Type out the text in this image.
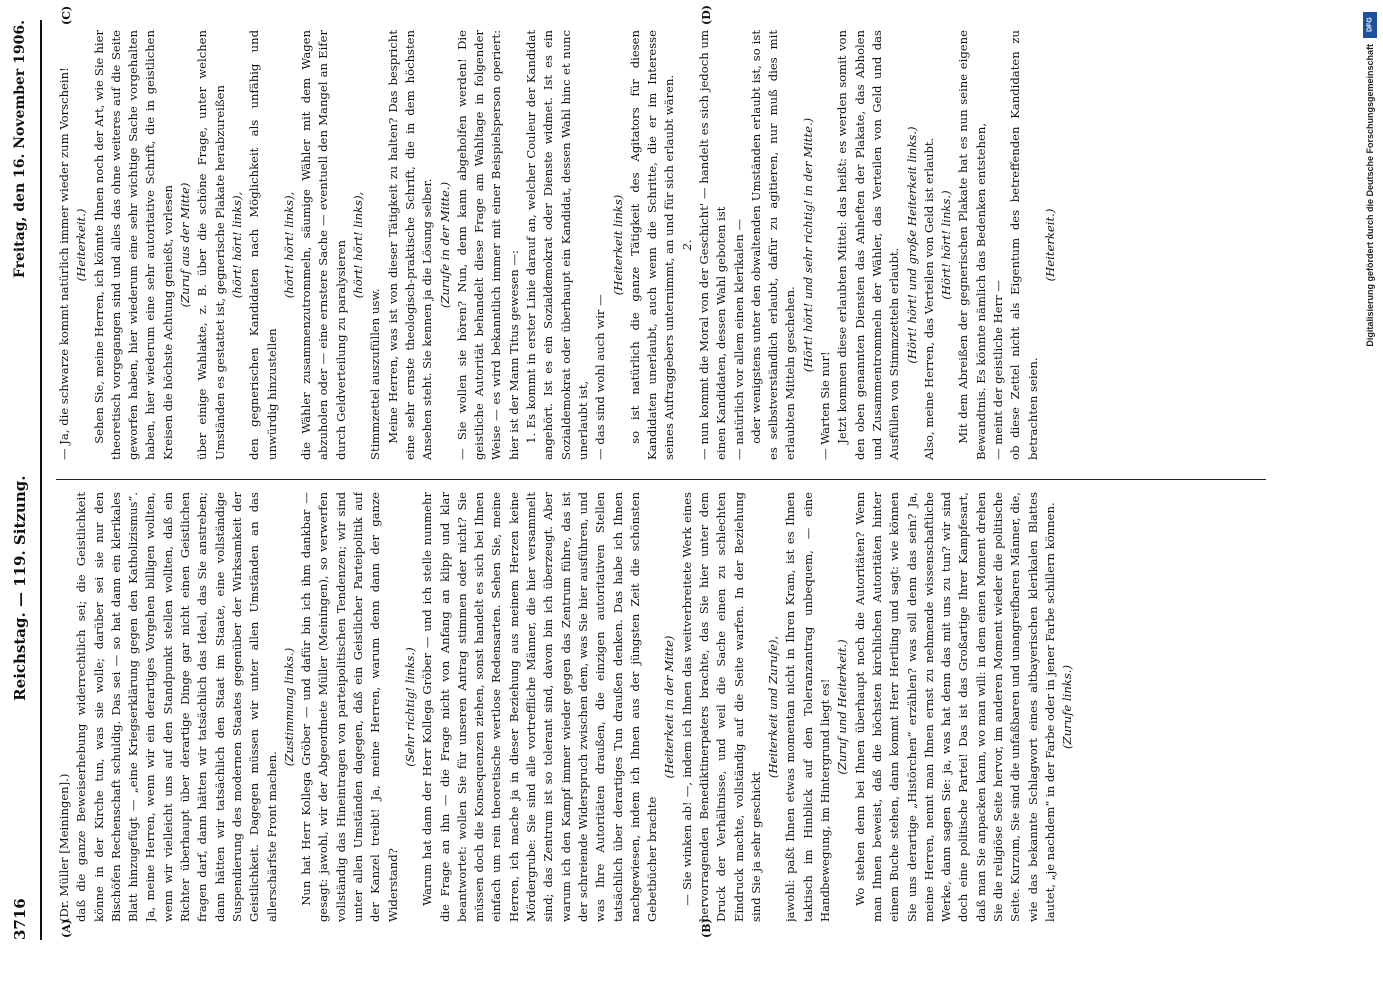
3716
Reichstag. — 119. Sitzung.
Freitag, den 16. November 1906.
(A)	(B)
(C)	(D)

(Dr. Müller [Meiningen].) daß die ganze Beweiserhebung widerrechtlich sei; die Geistlichkeit könne in der Kirche tun, was sie wolle; darüber sei sie nur den Bischöfen Rechenschaft schuldig. Das sei — so hat dann ein klerikales Blatt hinzugefügt — „eine Kriegserklärung gegen den Katholizismus“. Ja, meine Herren, wenn wir ein derartiges Vorgehen billigen wollten, wenn wir vielleicht uns auf den Standpunkt stellen wollten, daß ein Richter überhaupt über derartige Dinge gar nicht einen Geistlichen fragen darf, dann hätten wir tatsächlich das Ideal, das Sie anstreben; dann hätten wir tatsächlich den Staat im Staate, eine vollständige Suspendierung des modernen Staates gegenüber der Wirksamkeit der Geistlichkeit. Dagegen müssen wir unter allen Umständen an das allerschärfste Front machen.

(Zustimmung links.) Nun hat Herr Kollega Gröber — und dafür bin ich ihm dankbar — gesagt: jawohl, wir der Abgeordnete Müller (Meiningen), so verwerfen vollständig das Hineintragen von parteipolitischen Tendenzen; wir sind unter allen Umständen dagegen, daß ein Geistlicher Parteipolitik auf der Kanzel treibt! Ja, meine Herren, warum denn dann der ganze Widerstand?

(Sehr richtig! links.) Warum hat dann der Herr Kollega Gröber — und ich stelle nunmehr die Frage an ihn — die Frage nicht von Anfang an klipp und klar beantwortet: wollen Sie für unseren Antrag stimmen oder nicht? Sie müssen doch die Konsequenzen ziehen, sonst handelt es sich bei Ihnen einfach um rein theoretische wertlose Redensarten. Sehen Sie, meine Herren, ich mache ja in dieser Beziehung aus meinem Herzen keine Mördergrube: Sie sind alle vortreffliche Männer, die hier versammelt sind; das Zentrum ist so tolerant sind, davon bin ich überzeugt. Aber warum ich den Kampf immer wieder gegen das Zentrum führe, das ist der schreiende Widerspruch zwischen dem, was Sie hier ausführen, und was Ihre Autoritäten draußen, die einzigen autoritativen Stellen tatsächlich über derartiges Tun draußen denken. Das habe ich Ihnen nachgewiesen, indem ich Ihnen aus der jüngsten Zeit die schönsten Gebetbücher brachte

(Heiterkeit in der Mitte) — Sie winken ab! —, indem ich Ihnen das weitverbreitete Werk eines hervorragenden Benediktinerpaters brachte, das Sie hier unter dem Druck der Verhältnisse, und weil die Sache einen zu schlechten Eindruck machte, vollständig auf die Seite warfen. In der Beziehung sind Sie ja sehr geschickt

(Heiterkeit und Zurufe), jawohl: paßt Ihnen etwas momentan nicht in Ihren Kram, ist es Ihnen taktisch im Hinblick auf den Toleranzantrag unbequem, — eine Handbewegung, im Hintergrund liegt es! (Zuruf und Heiterkeit.) Wo stehen denn bei Ihnen überhaupt noch die Autoritäten? Wenn man Ihnen beweist, daß die höchsten kirchlichen Autoritäten hinter einem Buche stehen, dann kommt Herr Hertling und sagt: wie können Sie uns derartige „Histörchen“ erzählen? was soll denn das sein? Ja, meine Herren, nennt man Ihnen ernst zu nehmende wissenschaftliche Werke, dann sagen Sie: ja, was hat denn das mit uns zu tun? wir sind doch eine politische Partei! Das ist das Großartige Ihrer Kampfesart, daß man Sie anpacken kann, wo man will: in dem einen Moment drehen Sie die religiöse Seite hervor, im anderen Moment wieder die politische Seite. Kurzum, Sie sind die unfaßbaren und unangreifbaren Männer, die, wie das bekannte Schlagwort eines altbayerischen klerikalen Blattes lautet, „je nachdem“ in der Farbe oder in jener Farbe schillern können. (Zurufe links.)

— Ja, die schwarze kommt natürlich immer wieder zum Vorschein! (Heiterkeit.) Sehen Sie, meine Herren, ich könnte Ihnen noch der Art, wie Sie hier theoretisch vorgegangen sind und alles das ohne weiteres auf die Seite geworfen haben, hier wiederum eine sehr wichtige Sache vorgehalten haben, hier wiederum eine sehr autoritative Schrift, die in geistlichen Kreisen die höchste Achtung genießt, vorlesen (Zuruf aus der Mitte) über einige Wahlakte, z. B. über die schöne Frage, unter welchen Umständen es gestattet ist, gegnerische Plakate herabzureißen (hört! hört! links), den gegnerischen Kandidaten nach Möglichkeit als unfähig und unwürdig hinzustellen

(hört! hört! links), die Wähler zusammenzutrommeln, säumige Wähler mit dem Wagen abzuholen oder — eine ernstere Sache — eventuell den Mangel an Eifer durch Geldverteilung zu paralysieren (hört! hört! links),

Stimmzettel auszufüllen usw. Meine Herren, was ist von dieser Tätigkeit zu halten? Das bespricht eine sehr ernste theologisch-praktische Schrift, die in dem höchsten Ansehen steht. Sie kennen ja die Lösung selber. (Zurufe in der Mitte.) — Sie wollen sie hören? Nun, denn kann abgeholfen werden! Die geistliche Autorität behandelt diese Frage am Wahltage in folgender Weise — es wird bekanntlich immer mit einer Beispielsperson operiert: hier ist der Mann Titus gewesen —: 1. Es kommt in erster Linie darauf an, welcher Couleur der Kandidat angehört. Ist es ein Sozialdemokrat oder Dienste widmet. Ist es ein Sozialdemokrat oder überhaupt ein Kandidat, dessen Wahl hinc et nunc unerlaubt ist, — das sind wohl auch wir —

(Heiterkeit links) so ist natürlich die ganze Tätigkeit des Agitators für diesen Kandidaten unerlaubt, auch wenn die Schritte, die er im Interesse seines Auftraggebers unternimmt, an und für sich erlaubt wären. 2. — nun kommt die Moral von der Geschicht' — handelt es sich jedoch um einen Kandidaten, dessen Wahl geboten ist — natürlich vor allem einen klerikalen — oder wenigstens unter den obwaltenden Umständen erlaubt ist, so ist es selbstverständlich erlaubt, dafür zu agitieren, nur muß dies mit erlaubten Mitteln geschehen.

(Hört! hört! und sehr richtig! in der Mitte.)

— Warten Sie nur! Jetzt kommen diese erlaubten Mittel: das heißt: es werden somit von den oben genannten Diensten das Anheften der Plakate, das Abholen und Zusammentrommeln der Wähler, das Verteilen von Geld und das Ausfüllen von Stimmzetteln erlaubt. (Hört! hört! und große Heiterkeit links.) Also, meine Herren, das Verteilen von Geld ist erlaubt. (Hört! hört! links.) Mit dem Abreißen der gegnerischen Plakate hat es nun seine eigene Bewandtnis. Es könnte nämlich das Bedenken entstehen, — meint der geistliche Herr — ob diese Zettel nicht als Eigentum des betreffenden Kandidaten zu betrachten seien.

(Heiterkeit.)

DFG
Digitalisierung gefördert durch die Deutsche Forschungsgemeinschaft
